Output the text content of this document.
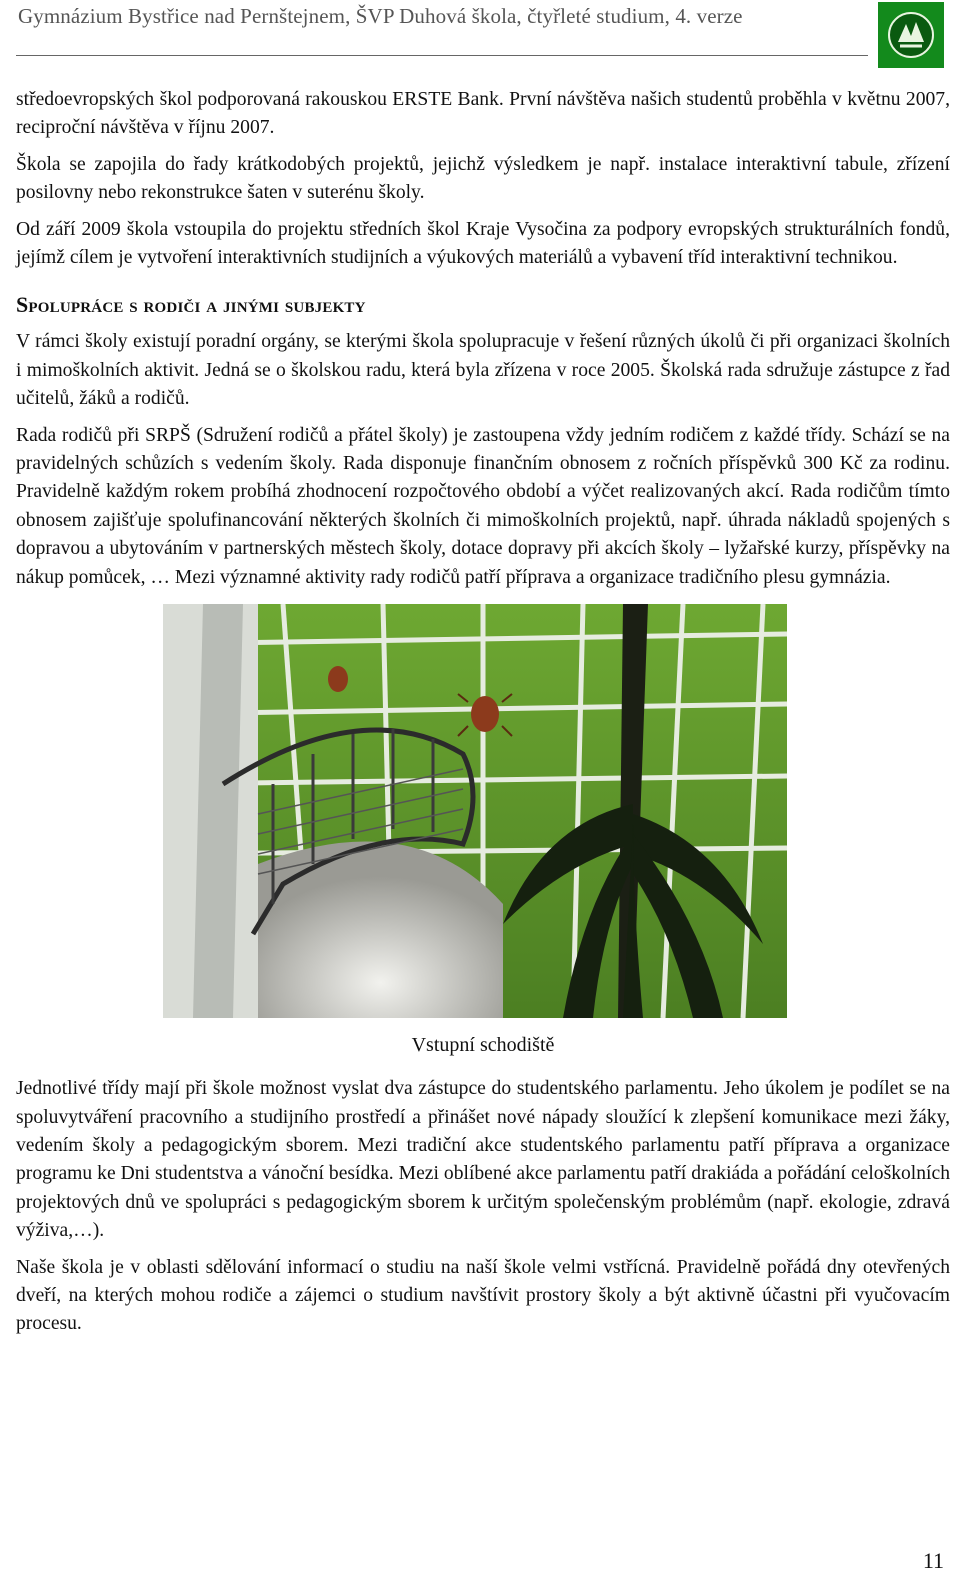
Gymnázium Bystřice nad Pernštejnem, ŠVP Duhová škola, čtyřleté studium, 4. verze

středoevropských škol podporovaná rakouskou ERSTE Bank. První návštěva našich studentů proběhla v květnu 2007, reciproční návštěva v říjnu 2007.

Škola se zapojila do řady krátkodobých projektů, jejichž výsledkem je např. instalace interaktivní tabule, zřízení posilovny nebo rekonstrukce šaten v suterénu školy.

Od září 2009 škola vstoupila do projektu středních škol Kraje Vysočina za podpory evropských strukturálních fondů, jejímž cílem je vytvoření interaktivních studijních a výukových materiálů a vybavení tříd interaktivní technikou.

Spolupráce s rodiči a jinými subjekty

V rámci školy existují poradní orgány, se kterými škola spolupracuje v řešení různých úkolů či při organizaci školních i mimoškolních aktivit. Jedná se o školskou radu, která byla zřízena v roce 2005. Školská rada sdružuje zástupce z řad učitelů, žáků a rodičů.

Rada rodičů při SRPŠ (Sdružení rodičů a přátel školy) je zastoupena vždy jedním rodičem z každé třídy. Schází se na pravidelných schůzích s vedením školy. Rada disponuje finančním obnosem z ročních příspěvků 300 Kč za rodinu. Pravidelně každým rokem probíhá zhodnocení rozpočtového období a výčet realizovaných akcí. Rada rodičům tímto obnosem zajišťuje spolufinancování některých školních či mimoškolních projektů, např. úhrada nákladů spojených s dopravou a ubytováním v partnerských městech školy, dotace dopravy při akcích školy – lyžařské kurzy, příspěvky na nákup pomůcek, … Mezi významné aktivity rady rodičů patří příprava a organizace tradičního plesu gymnázia.

Vstupní schodiště

Jednotlivé třídy mají při škole možnost vyslat dva zástupce do studentského parlamentu. Jeho úkolem je podílet se na spoluvytváření pracovního a studijního prostředí a přinášet nové nápady sloužící k zlepšení komunikace mezi žáky, vedením školy a pedagogickým sborem. Mezi tradiční akce studentského parlamentu patří příprava a organizace programu ke Dni studentstva a vánoční besídka. Mezi oblíbené akce parlamentu patří drakiáda a pořádání celoškolních projektových dnů ve spolupráci s pedagogickým sborem k určitým společenským problémům (např. ekologie, zdravá výživa,…).

Naše škola je v oblasti sdělování informací o studiu na naší škole velmi vstřícná. Pravidelně pořádá dny otevřených dveří, na kterých mohou rodiče a zájemci o studium navštívit prostory školy a být aktivně účastni při vyučovacím procesu.

11
